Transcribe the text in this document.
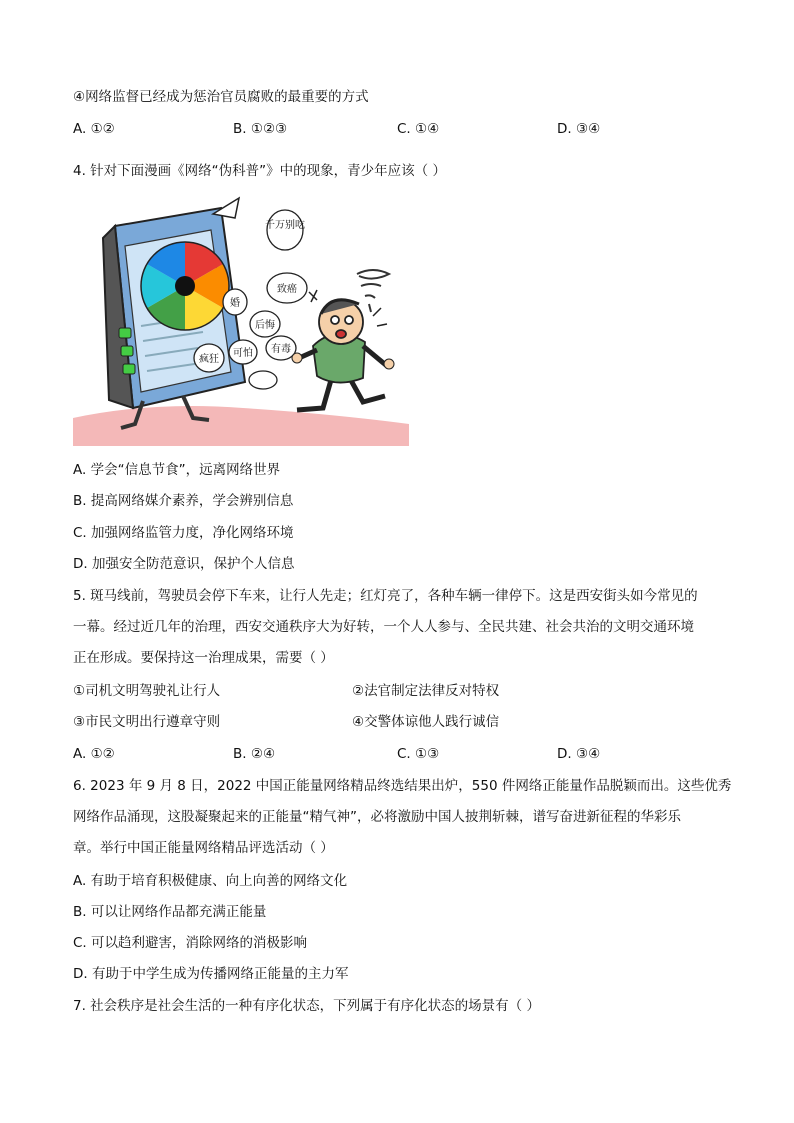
④网络监督已经成为惩治官员腐败的最重要的方式
A. ①②	B. ①②③	C. ①④	D. ③④
4. 针对下面漫画《网络“伪科普”》中的现象，青少年应该（ ）
千万别吃
致癌
婚
后悔
有毒
疯狂
可怕
A. 学会“信息节食”，远离网络世界
B. 提高网络媒介素养，学会辨别信息
C. 加强网络监管力度，净化网络环境
D. 加强安全防范意识，保护个人信息
5. 斑马线前，驾驶员会停下车来，让行人先走；红灯亮了，各种车辆一律停下。这是西安街头如今常见的
一幕。经过近几年的治理，西安交通秩序大为好转，一个人人参与、全民共建、社会共治的文明交通环境
正在形成。要保持这一治理成果，需要（ ）
①司机文明驾驶礼让行人	②法官制定法律反对特权
③市民文明出行遵章守则	④交警体谅他人践行诚信
A. ①②	B. ②④	C. ①③	D. ③④
6. 2023 年 9 月 8 日，2022 中国正能量网络精品终选结果出炉，550 件网络正能量作品脱颖而出。这些优秀
网络作品涌现，这股凝聚起来的正能量“精气神”，必将激励中国人披荆斩棘，谱写奋进新征程的华彩乐
章。举行中国正能量网络精品评选活动（ ）
A. 有助于培育积极健康、向上向善的网络文化
B. 可以让网络作品都充满正能量
C. 可以趋利避害，消除网络的消极影响
D. 有助于中学生成为传播网络正能量的主力军
7. 社会秩序是社会生活的一种有序化状态，下列属于有序化状态的场景有（ ）
